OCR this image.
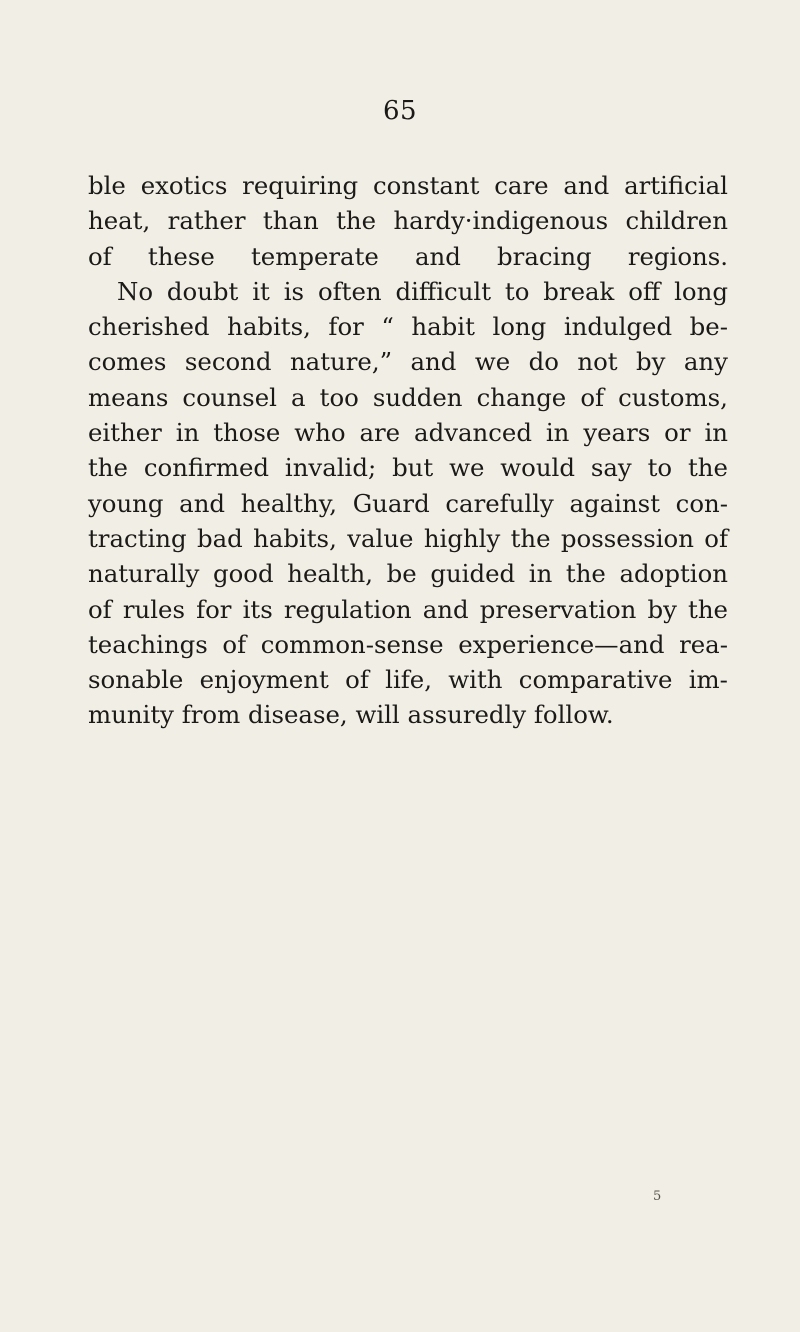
65
ble exotics requiring constant care and artificial
heat, rather than the hardy·indigenous children
of these temperate and bracing regions.
No doubt it is often difficult to break off long
cherished habits, for “ habit long indulged be-
comes second nature,” and we do not by any
means counsel a too sudden change of customs,
either in those who are advanced in years or in
the confirmed invalid; but we would say to the
young and healthy, Guard carefully against con-
tracting bad habits, value highly the possession of
naturally good health, be guided in the adoption
of rules for its regulation and preservation by the
teachings of common-sense experience—and rea-
sonable enjoyment of life, with comparative im-
munity from disease, will assuredly follow.
5
